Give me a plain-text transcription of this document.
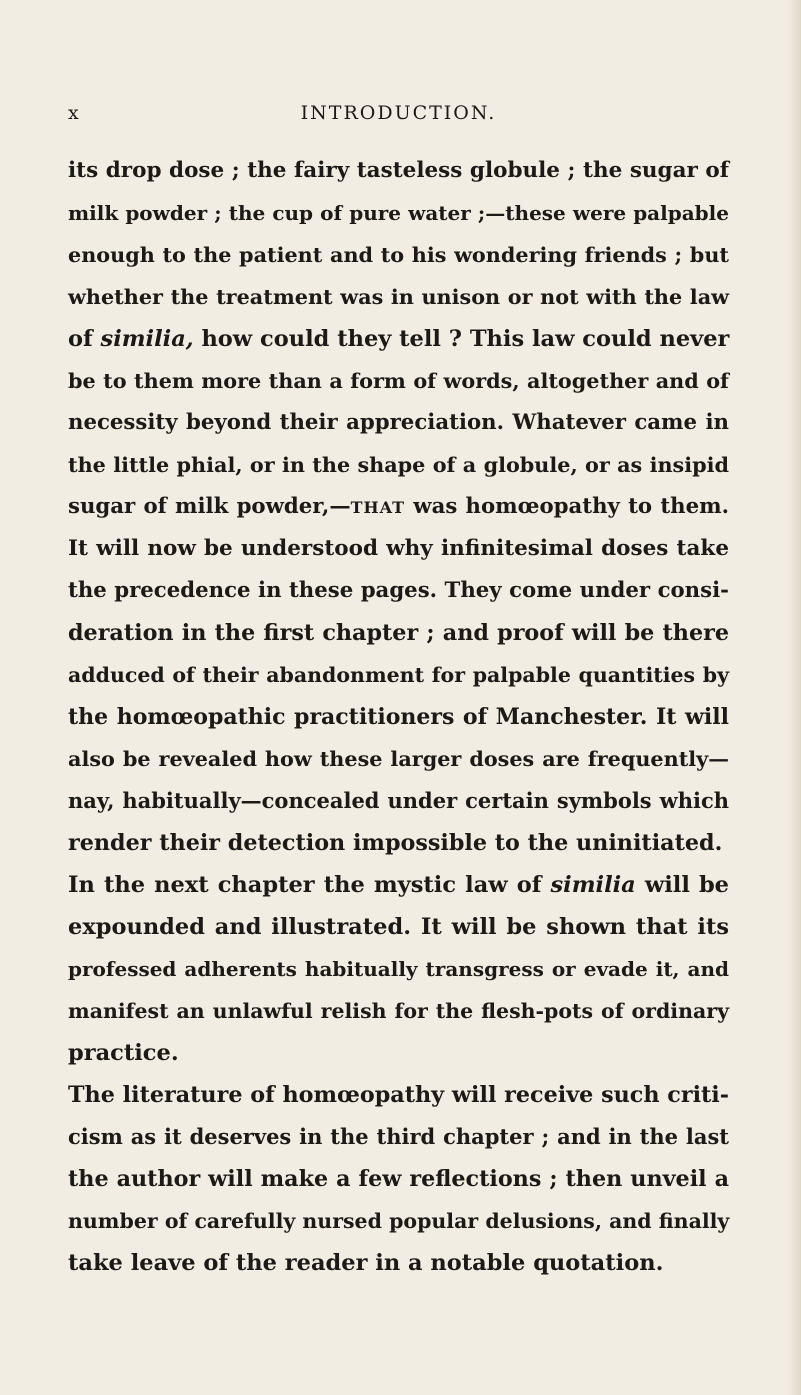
x	INTRODUCTION.
its drop dose ; the fairy tasteless globule ; the sugar of
milk powder ; the cup of pure water ;—these were palpable
enough to the patient and to his wondering friends ; but
whether the treatment was in unison or not with the law
of similia, how could they tell ? This law could never
be to them more than a form of words, altogether and of
necessity beyond their appreciation. Whatever came in
the little phial, or in the shape of a globule, or as insipid
sugar of milk powder,—THAT was homœopathy to them.
It will now be understood why infinitesimal doses take
the precedence in these pages. They come under consi-
deration in the first chapter ; and proof will be there
adduced of their abandonment for palpable quantities by
the homœopathic practitioners of Manchester. It will
also be revealed how these larger doses are frequently—
nay, habitually—concealed under certain symbols which
render their detection impossible to the uninitiated.
In the next chapter the mystic law of similia will be
expounded and illustrated. It will be shown that its
professed adherents habitually transgress or evade it, and
manifest an unlawful relish for the flesh-pots of ordinary
practice.
The literature of homœopathy will receive such criti-
cism as it deserves in the third chapter ; and in the last
the author will make a few reflections ; then unveil a
number of carefully nursed popular delusions, and finally
take leave of the reader in a notable quotation.
